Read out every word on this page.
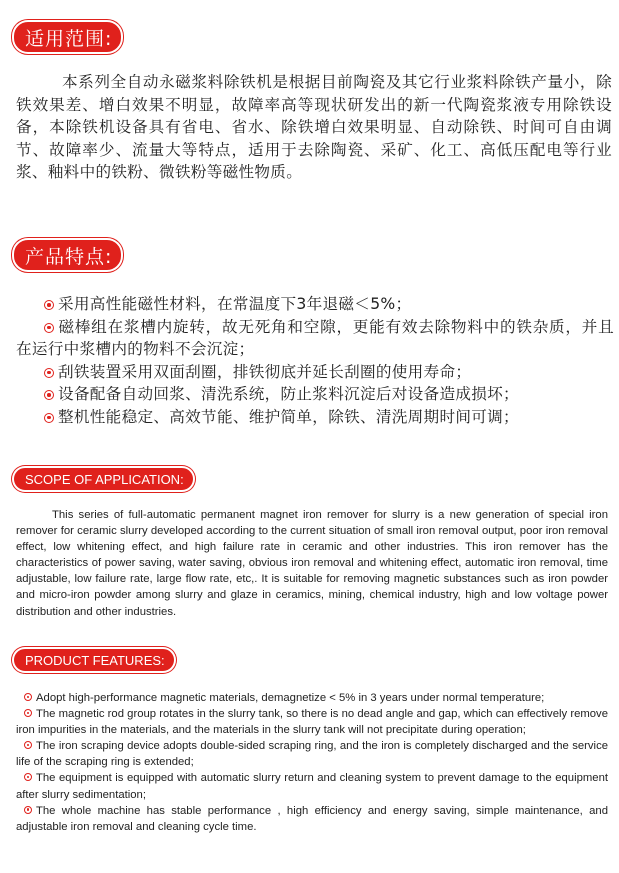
适用范围:

本系列全自动永磁浆料除铁机是根据目前陶瓷及其它行业浆料除铁产量小，除铁效果差、增白效果不明显，故障率高等现状研发出的新一代陶瓷浆液专用除铁设备，本除铁机设备具有省电、省水、除铁增白效果明显、自动除铁、时间可自由调节、故障率少、流量大等特点，适用于去除陶瓷、采矿、化工、高低压配电等行业浆、釉料中的铁粉、微铁粉等磁性物质。

产品特点:
采用高性能磁性材料，在常温度下3年退磁＜5%；
磁棒组在浆槽内旋转，故无死角和空隙，更能有效去除物料中的铁杂质，并且在运行中浆槽内的物料不会沉淀；
刮铁装置采用双面刮圈，排铁彻底并延长刮圈的使用寿命；
设备配备自动回浆、清洗系统，防止浆料沉淀后对设备造成损坏；
整机性能稳定、高效节能、维护简单，除铁、清洗周期时间可调；
SCOPE OF APPLICATION:

This series of full-automatic permanent magnet iron remover for slurry is a new generation of special iron remover for ceramic slurry developed according to the current situation of small iron removal output, poor iron removal effect, low whitening effect, and high failure rate in ceramic and other industries. This iron remover has the characteristics of power saving, water saving, obvious iron removal and whitening effect, automatic iron removal, time adjustable, low failure rate, large flow rate, etc,. It is suitable for removing magnetic substances such as iron powder and micro-iron powder among slurry and glaze in ceramics, mining, chemical industry, high and low voltage power distribution and other industries.

PRODUCT FEATURES:
Adopt high-performance magnetic materials, demagnetize < 5% in 3 years under normal temperature;
The magnetic rod group rotates in the slurry tank, so there is no dead angle and gap, which can effectively remove iron impurities in the materials, and the materials in the slurry tank will not precipitate during operation;
The iron scraping device adopts double-sided scraping ring, and the iron is completely discharged and the service life of the scraping ring is extended;
The equipment is equipped with automatic slurry return and cleaning system to prevent damage to the equipment after slurry sedimentation;
The whole machine has stable performance , high efficiency and energy saving, simple maintenance, and adjustable iron removal and cleaning cycle time.
